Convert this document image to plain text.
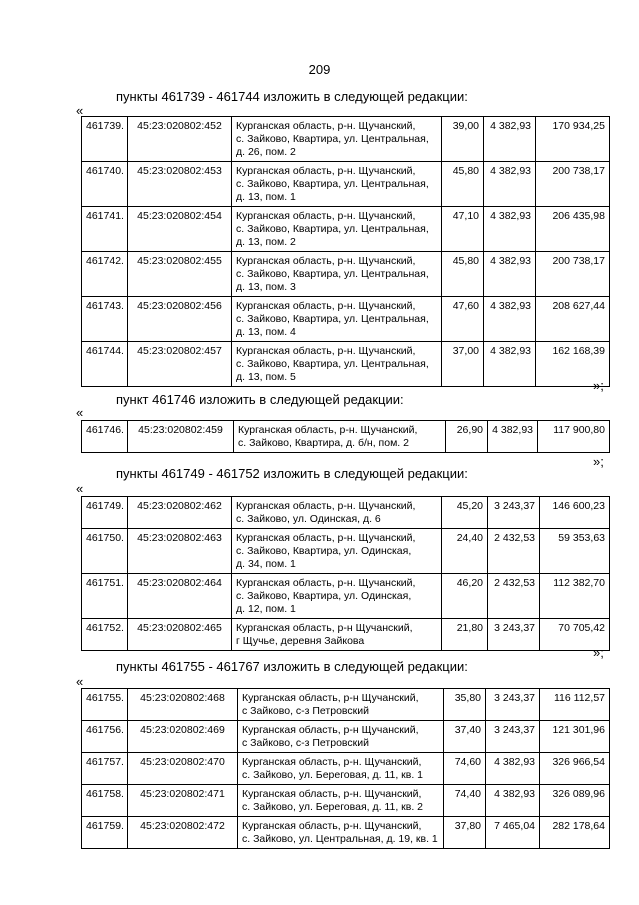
209
пункты 461739 - 461744 изложить в следующей редакции:
«
461739.	45:23:020802:452	Курганская область, р-н. Щучанский,
с. Зайково, Квартира, ул. Центральная,
д. 26, пом. 2	39,00	4 382,93	170 934,25
461740.	45:23:020802:453	Курганская область, р-н. Щучанский,
с. Зайково, Квартира, ул. Центральная,
д. 13, пом. 1	45,80	4 382,93	200 738,17
461741.	45:23:020802:454	Курганская область, р-н. Щучанский,
с. Зайково, Квартира, ул. Центральная,
д. 13, пом. 2	47,10	4 382,93	206 435,98
461742.	45:23:020802:455	Курганская область, р-н. Щучанский,
с. Зайково, Квартира, ул. Центральная,
д. 13, пом. 3	45,80	4 382,93	200 738,17
461743.	45:23:020802:456	Курганская область, р-н. Щучанский,
с. Зайково, Квартира, ул. Центральная,
д. 13, пом. 4	47,60	4 382,93	208 627,44
461744.	45:23:020802:457	Курганская область, р-н. Щучанский,
с. Зайково, Квартира, ул. Центральная,
д. 13, пом. 5	37,00	4 382,93	162 168,39
»;
пункт 461746 изложить в следующей редакции:
«
461746.	45:23:020802:459	Курганская область, р-н. Щучанский,
с. Зайково, Квартира, д. б/н, пом. 2
	26,90	4 382,93	117 900,80
»;
пункты 461749 - 461752 изложить в следующей редакции:
«
461749.	45:23:020802:462	Курганская область, р-н. Щучанский,
с. Зайково, ул. Одинская, д. 6	45,20	3 243,37	146 600,23
461750.	45:23:020802:463	Курганская область, р-н. Щучанский,
с. Зайково, Квартира, ул. Одинская,
д. 34, пом. 1	24,40	2 432,53	59 353,63
461751.	45:23:020802:464	Курганская область, р-н. Щучанский,
с. Зайково, Квартира, ул. Одинская,
д. 12, пом. 1	46,20	2 432,53	112 382,70
461752.	45:23:020802:465	Курганская область, р-н Щучанский,
г Щучье, деревня Зайкова	21,80	3 243,37	70 705,42
»;
пункты 461755 - 461767 изложить в следующей редакции:
«
461755.	45:23:020802:468	Курганская область, р-н Щучанский,
с Зайково, с-з Петровский	35,80	3 243,37	116 112,57
461756.	45:23:020802:469	Курганская область, р-н Щучанский,
с Зайково, с-з Петровский	37,40	3 243,37	121 301,96
461757.	45:23:020802:470	Курганская область, р-н. Щучанский,
с. Зайково, ул. Береговая, д. 11, кв. 1	74,60	4 382,93	326 966,54
461758.	45:23:020802:471	Курганская область, р-н. Щучанский,
с. Зайково, ул. Береговая, д. 11, кв. 2	74,40	4 382,93	326 089,96
461759.	45:23:020802:472	Курганская область, р-н. Щучанский,
с. Зайково, ул. Центральная, д. 19, кв. 1	37,80	7 465,04	282 178,64
